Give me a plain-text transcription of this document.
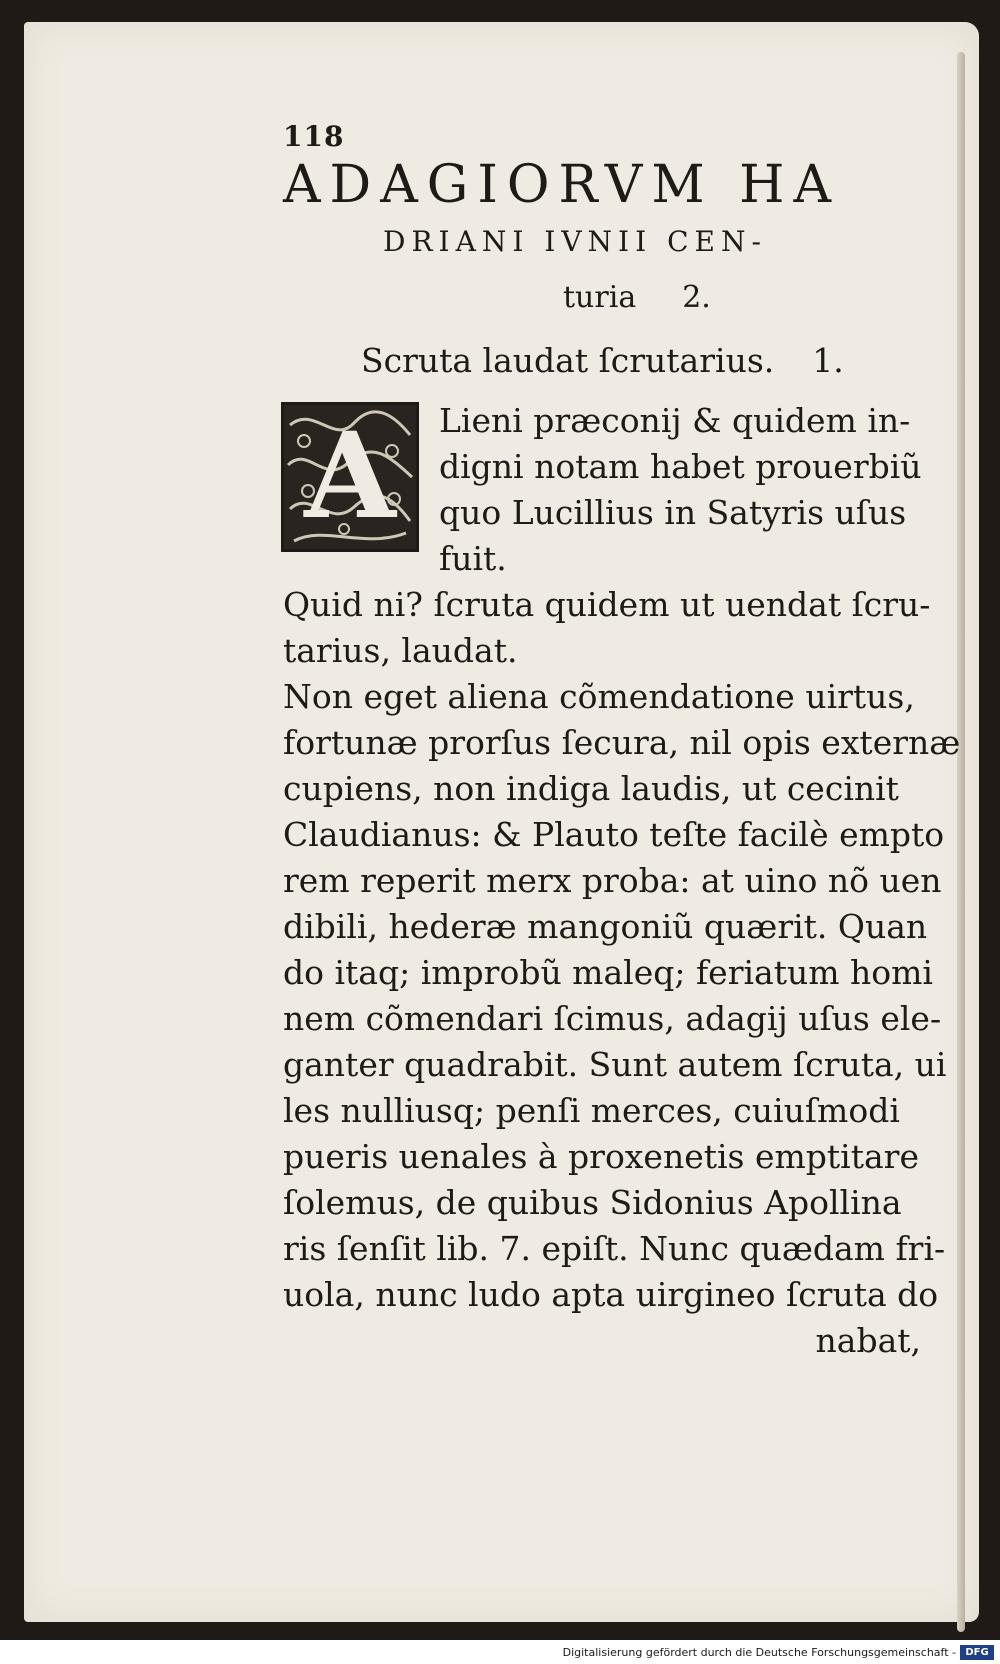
118
ADAGIORVM HA
DRIANI IVNII CEN-
turia 2.
Scruta laudat ſcrutarius. 1.
A	Lieni præconij & quidem in-
digni notam habet prouerbiũ
quo Lucillius in Satyris uſus
fuit.
Quid ni? ſcruta quidem ut uendat ſcru-
tarius, laudat.
Non eget aliena cõmendatione uirtus,
fortunæ prorſus ſecura, nil opis externæ
cupiens, non indiga laudis, ut cecinit
Claudianus: & Plauto teſte facilè empto
rem reperit merx proba: at uino nõ uen
dibili, hederæ mangoniũ quærit. Quan
do itaq; improbũ maleq; feriatum homi
nem cõmendari ſcimus, adagij uſus ele-
ganter quadrabit. Sunt autem ſcruta, ui
les nulliusq; penſi merces, cuiuſmodi
pueris uenales à proxenetis emptitare
ſolemus, de quibus Sidonius Apollina
ris ſenſit lib. 7. epiſt. Nunc quædam fri-
uola, nunc ludo apta uirgineo ſcruta do
nabat,
Digitalisierung gefördert durch die Deutsche Forschungsgemeinschaft - DFG
